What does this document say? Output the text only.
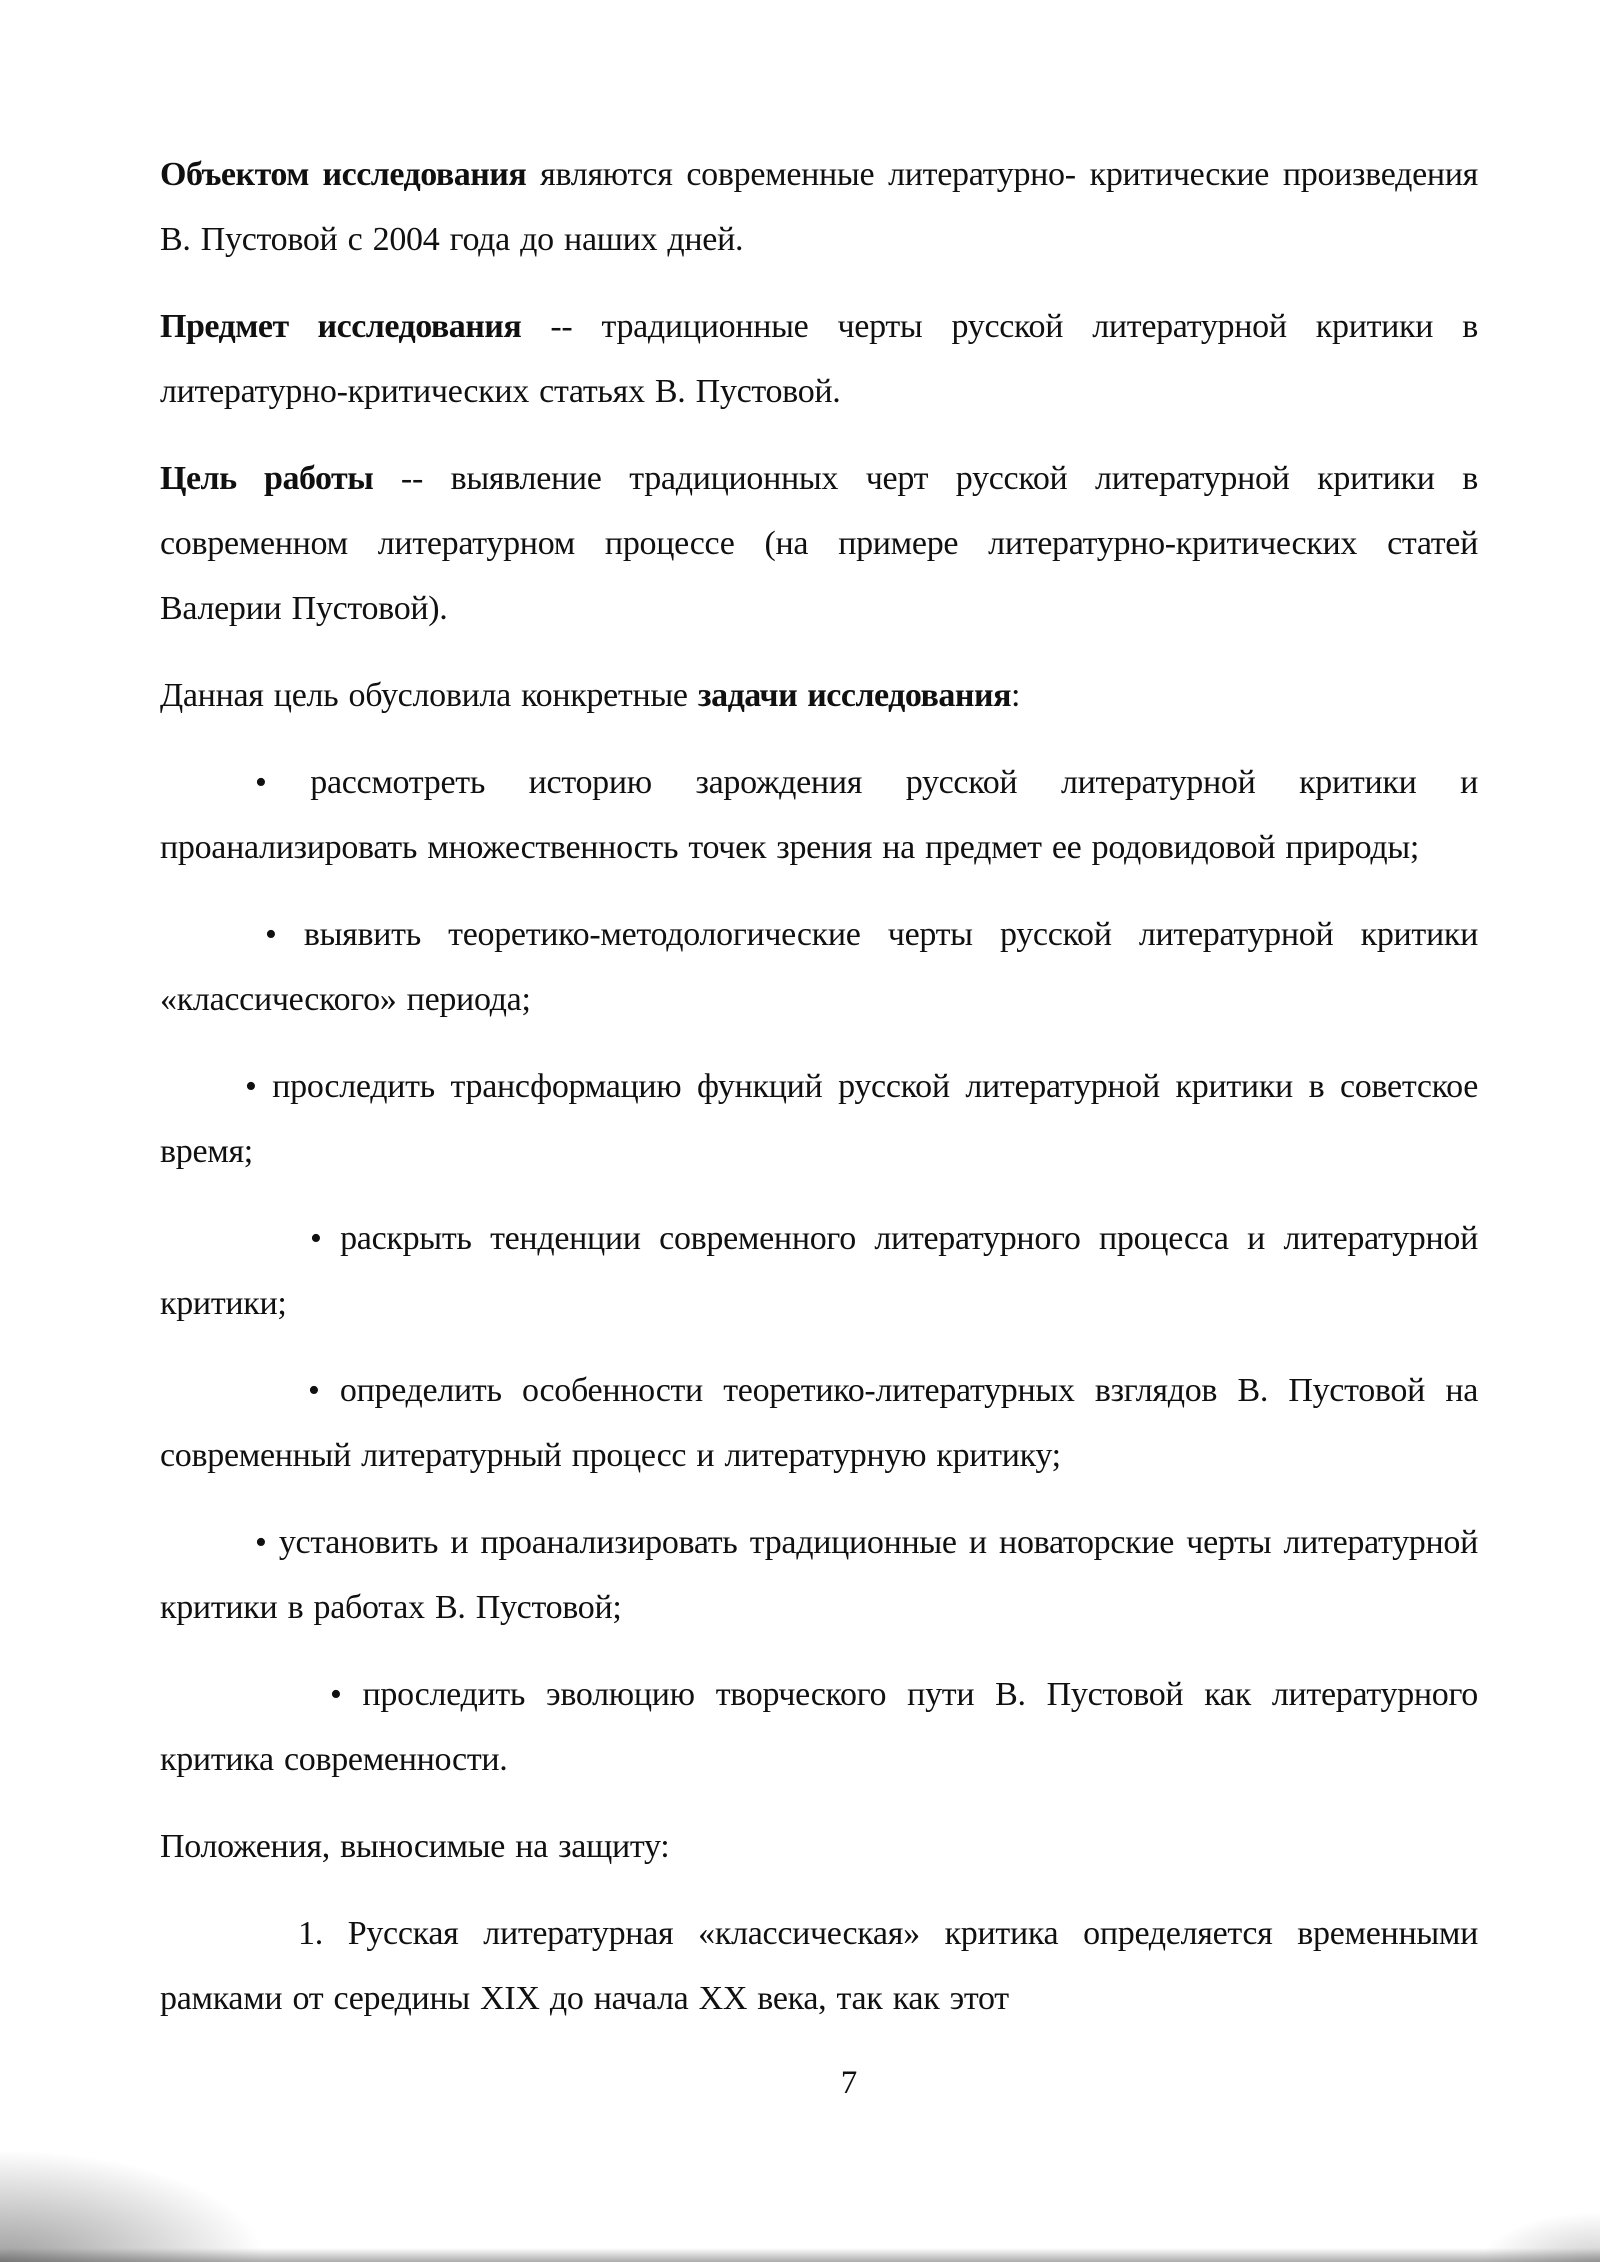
Объектом исследования являются современные литературно- критические произведения В. Пустовой с 2004 года до наших дней.

Предмет исследования -- традиционные черты русской литературной критики в литературно-критических статьях В. Пустовой.

Цель работы -- выявление традиционных черт русской литературной критики в современном литературном процессе (на примере литературно-критических статей Валерии Пустовой).

Данная цель обусловила конкретные задачи исследования:

• рассмотреть историю зарождения русской литературной критики и проанализировать множественность точек зрения на предмет ее родовидовой природы;

• выявить теоретико-методологические черты русской литературной критики «классического» периода;

• проследить трансформацию функций русской литературной критики в советское время;

• раскрыть тенденции современного литературного процесса и литературной критики;

• определить особенности теоретико-литературных взглядов В. Пустовой на современный литературный процесс и литературную критику;

• установить и проанализировать традиционные и новаторские черты литературной критики в работах В. Пустовой;

• проследить эволюцию творческого пути В. Пустовой как литературного критика современности.

Положения, выносимые на защиту:

1. Русская литературная «классическая» критика определяется временными рамками от середины XIX до начала XX века, так как этот

7
